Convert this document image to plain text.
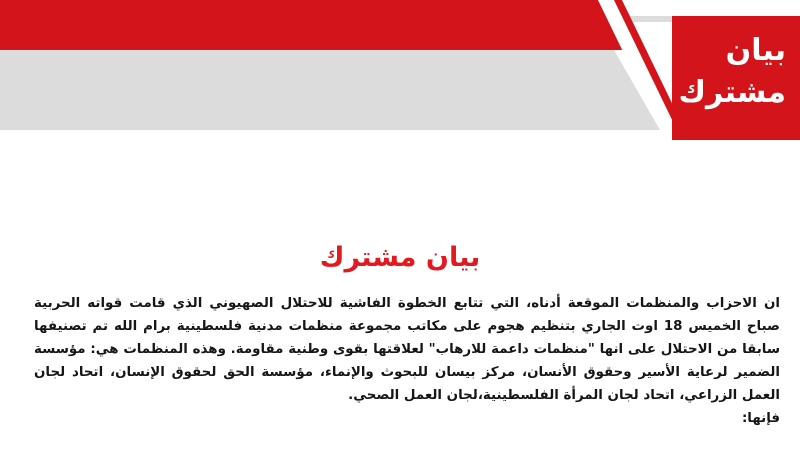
بيان
مشترك
بيان مشترك

ان الاحزاب والمنظمات الموقعة أدناه، التي تتابع الخطوة الفاشية للاحتلال الصهيوني الذي قامت قواته الحربية صباح الخميس 18 اوت الجاري بتنظيم هجوم على مكاتب مجموعة منظمات مدنية فلسطينية برام الله تم تصنيفها سابقا من الاحتلال على انها "منظمات داعمة للارهاب" لعلاقتها بقوى وطنية مقاومة. وهذه المنظمات هي: مؤسسة الضمير لرعاية الأسير وحقوق الأنسان، مركز بيسان للبحوث والإنماء، مؤسسة الحق لحقوق الإنسان، اتحاد لجان العمل الزراعي، اتحاد لجان المرأة الفلسطينية،لجان العمل الصحي.

فإنها:
